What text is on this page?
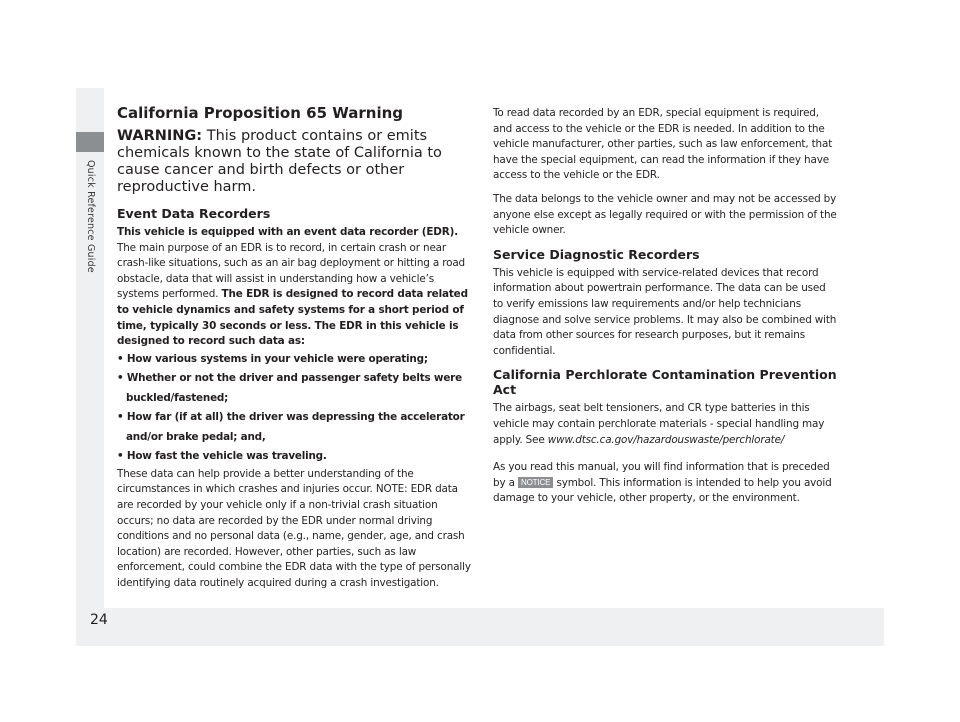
Quick Reference Guide
24
California Proposition 65 Warning
WARNING: This product contains or emits chemicals known to the state of California to cause cancer and birth defects or other reproductive harm.
Event Data Recorders

This vehicle is equipped with an event data recorder (EDR).

The main purpose of an EDR is to record, in certain crash or near crash-like situations, such as an air bag deployment or hitting a road obstacle, data that will assist in understanding how a vehicle’s systems performed. The EDR is designed to record data related to vehicle dynamics and safety systems for a short period of time, typically 30 seconds or less. The EDR in this vehicle is designed to record such data as:

• How various systems in your vehicle were operating;
• Whether or not the driver and passenger safety belts were buckled/fastened;
• How far (if at all) the driver was depressing the accelerator and/or brake pedal; and,
• How fast the vehicle was traveling.

These data can help provide a better understanding of the circumstances in which crashes and injuries occur. NOTE: EDR data are recorded by your vehicle only if a non-trivial crash situation occurs; no data are recorded by the EDR under normal driving conditions and no personal data (e.g., name, gender, age, and crash location) are recorded. However, other parties, such as law enforcement, could combine the EDR data with the type of personally identifying data routinely acquired during a crash investigation.

To read data recorded by an EDR, special equipment is required, and access to the vehicle or the EDR is needed. In addition to the vehicle manufacturer, other parties, such as law enforcement, that have the special equipment, can read the information if they have access to the vehicle or the EDR.

The data belongs to the vehicle owner and may not be accessed by anyone else except as legally required or with the permission of the vehicle owner.

Service Diagnostic Recorders

This vehicle is equipped with service-related devices that record information about powertrain performance. The data can be used to verify emissions law requirements and/or help technicians diagnose and solve service problems. It may also be combined with data from other sources for research purposes, but it remains confidential.

California Perchlorate Contamination Prevention Act

The airbags, seat belt tensioners, and CR type batteries in this vehicle may contain perchlorate materials - special handling may apply. See www.dtsc.ca.gov/hazardouswaste/perchlorate/

As you read this manual, you will find information that is preceded by a NOTICE symbol. This information is intended to help you avoid damage to your vehicle, other property, or the environment.
